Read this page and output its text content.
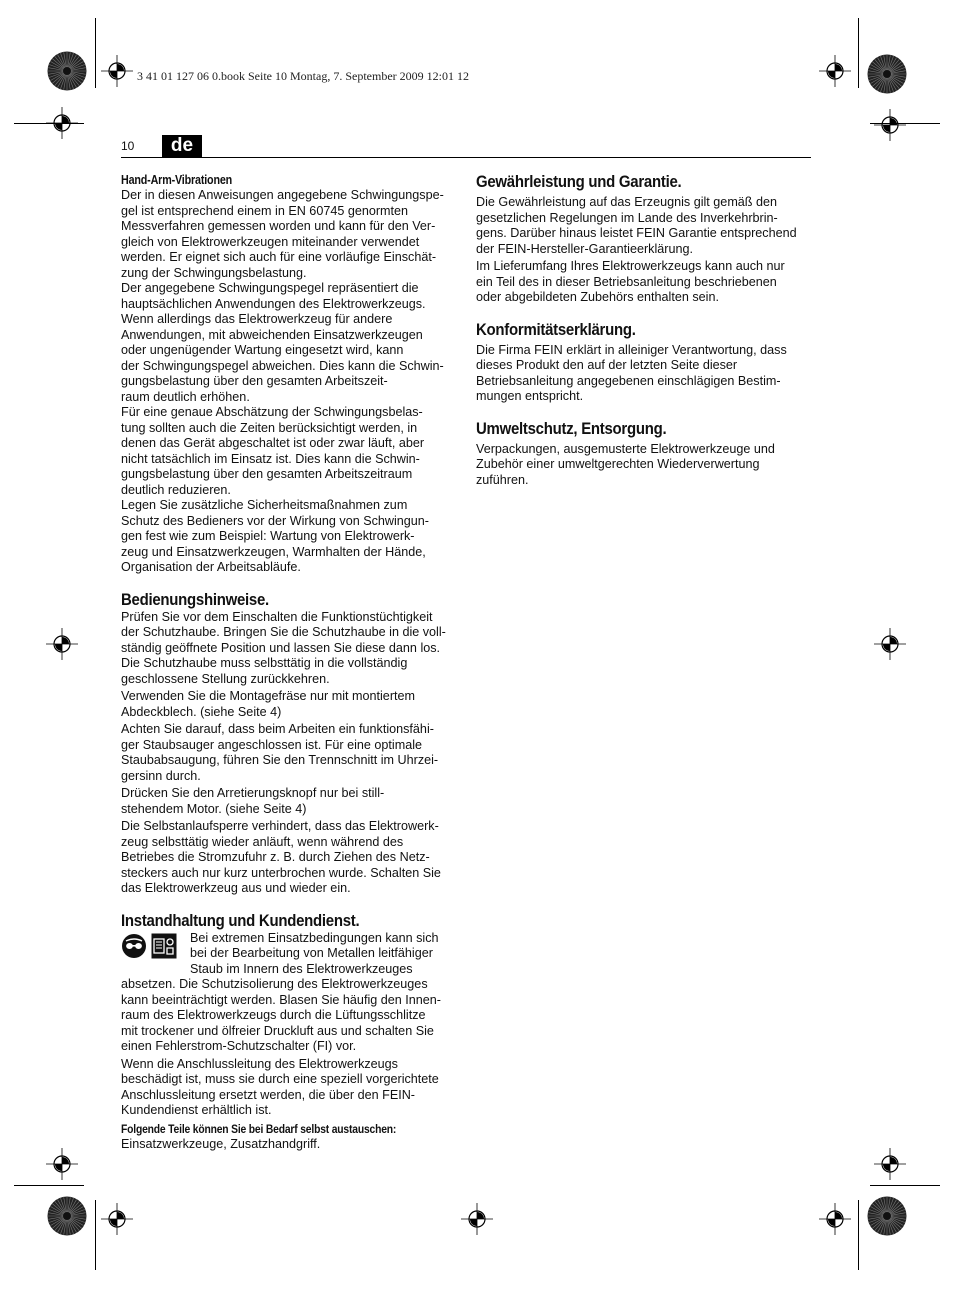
3 41 01 127 06 0.book Seite 10 Montag, 7. September 2009 12:01 12
10	de
Hand-Arm-Vibrationen

Der in diesen Anweisungen angegebene Schwingungspe-

gel ist entsprechend einem in EN 60745 genormten

Messverfahren gemessen worden und kann für den Ver-

gleich von Elektrowerkzeugen miteinander verwendet

werden. Er eignet sich auch für eine vorläufige Einschät-

zung der Schwingungsbelastung.

Der angegebene Schwingungspegel repräsentiert die

hauptsächlichen Anwendungen des Elektrowerkzeugs.

Wenn allerdings das Elektrowerkzeug für andere

Anwendungen, mit abweichenden Einsatzwerkzeugen

oder ungenügender Wartung eingesetzt wird, kann

der Schwingungspegel abweichen. Dies kann die Schwin-

gungsbelastung über den gesamten Arbeitszeit-

raum deutlich erhöhen.

Für eine genaue Abschätzung der Schwingungsbelas-

tung sollten auch die Zeiten berücksichtigt werden, in

denen das Gerät abgeschaltet ist oder zwar läuft, aber

nicht tatsächlich im Einsatz ist. Dies kann die Schwin-

gungsbelastung über den gesamten Arbeitszeitraum

deutlich reduzieren.

Legen Sie zusätzliche Sicherheitsmaßnahmen zum

Schutz des Bedieners vor der Wirkung von Schwingun-

gen fest wie zum Beispiel: Wartung von Elektrowerk-

zeug und Einsatzwerkzeugen, Warmhalten der Hände,

Organisation der Arbeitsabläufe.

Bedienungshinweise.

Prüfen Sie vor dem Einschalten die Funktionstüchtigkeit

der Schutzhaube. Bringen Sie die Schutzhaube in die voll-

ständig geöffnete Position und lassen Sie diese dann los.

Die Schutzhaube muss selbsttätig in die vollständig

geschlossene Stellung zurückkehren.

Verwenden Sie die Montagefräse nur mit montiertem

Abdeckblech. (siehe Seite 4)

Achten Sie darauf, dass beim Arbeiten ein funktionsfähi-

ger Staubsauger angeschlossen ist. Für eine optimale

Staubabsaugung, führen Sie den Trennschnitt im Uhrzei-

gersinn durch.

Drücken Sie den Arretierungsknopf nur bei still-

stehendem Motor. (siehe Seite 4)

Die Selbstanlaufsperre verhindert, dass das Elektrowerk-

zeug selbsttätig wieder anläuft, wenn während des

Betriebes die Stromzufuhr z. B. durch Ziehen des Netz-

steckers auch nur kurz unterbrochen wurde. Schalten Sie

das Elektrowerkzeug aus und wieder ein.

Instandhaltung und Kundendienst.

Bei extremen Einsatzbedingungen kann sich

bei der Bearbeitung von Metallen leitfähiger

Staub im Innern des Elektrowerkzeuges

absetzen. Die Schutzisolierung des Elektrowerkzeuges

kann beeinträchtigt werden. Blasen Sie häufig den Innen-

raum des Elektrowerkzeugs durch die Lüftungsschlitze

mit trockener und ölfreier Druckluft aus und schalten Sie

einen Fehlerstrom-Schutzschalter (FI) vor.

Wenn die Anschlussleitung des Elektrowerkzeugs

beschädigt ist, muss sie durch eine speziell vorgerichtete

Anschlussleitung ersetzt werden, die über den FEIN-

Kundendienst erhältlich ist.

Folgende Teile können Sie bei Bedarf selbst austauschen:

Einsatzwerkzeuge, Zusatzhandgriff.

Gewährleistung und Garantie.

Die Gewährleistung auf das Erzeugnis gilt gemäß den

gesetzlichen Regelungen im Lande des Inverkehrbrin-

gens. Darüber hinaus leistet FEIN Garantie entsprechend

der FEIN-Hersteller-Garantieerklärung.

Im Lieferumfang Ihres Elektrowerkzeugs kann auch nur

ein Teil des in dieser Betriebsanleitung beschriebenen

oder abgebildeten Zubehörs enthalten sein.

Konformitätserklärung.

Die Firma FEIN erklärt in alleiniger Verantwortung, dass

dieses Produkt den auf der letzten Seite dieser

Betriebsanleitung angegebenen einschlägigen Bestim-

mungen entspricht.

Umweltschutz, Entsorgung.

Verpackungen, ausgemusterte Elektrowerkzeuge und

Zubehör einer umweltgerechten Wiederverwertung

zuführen.
